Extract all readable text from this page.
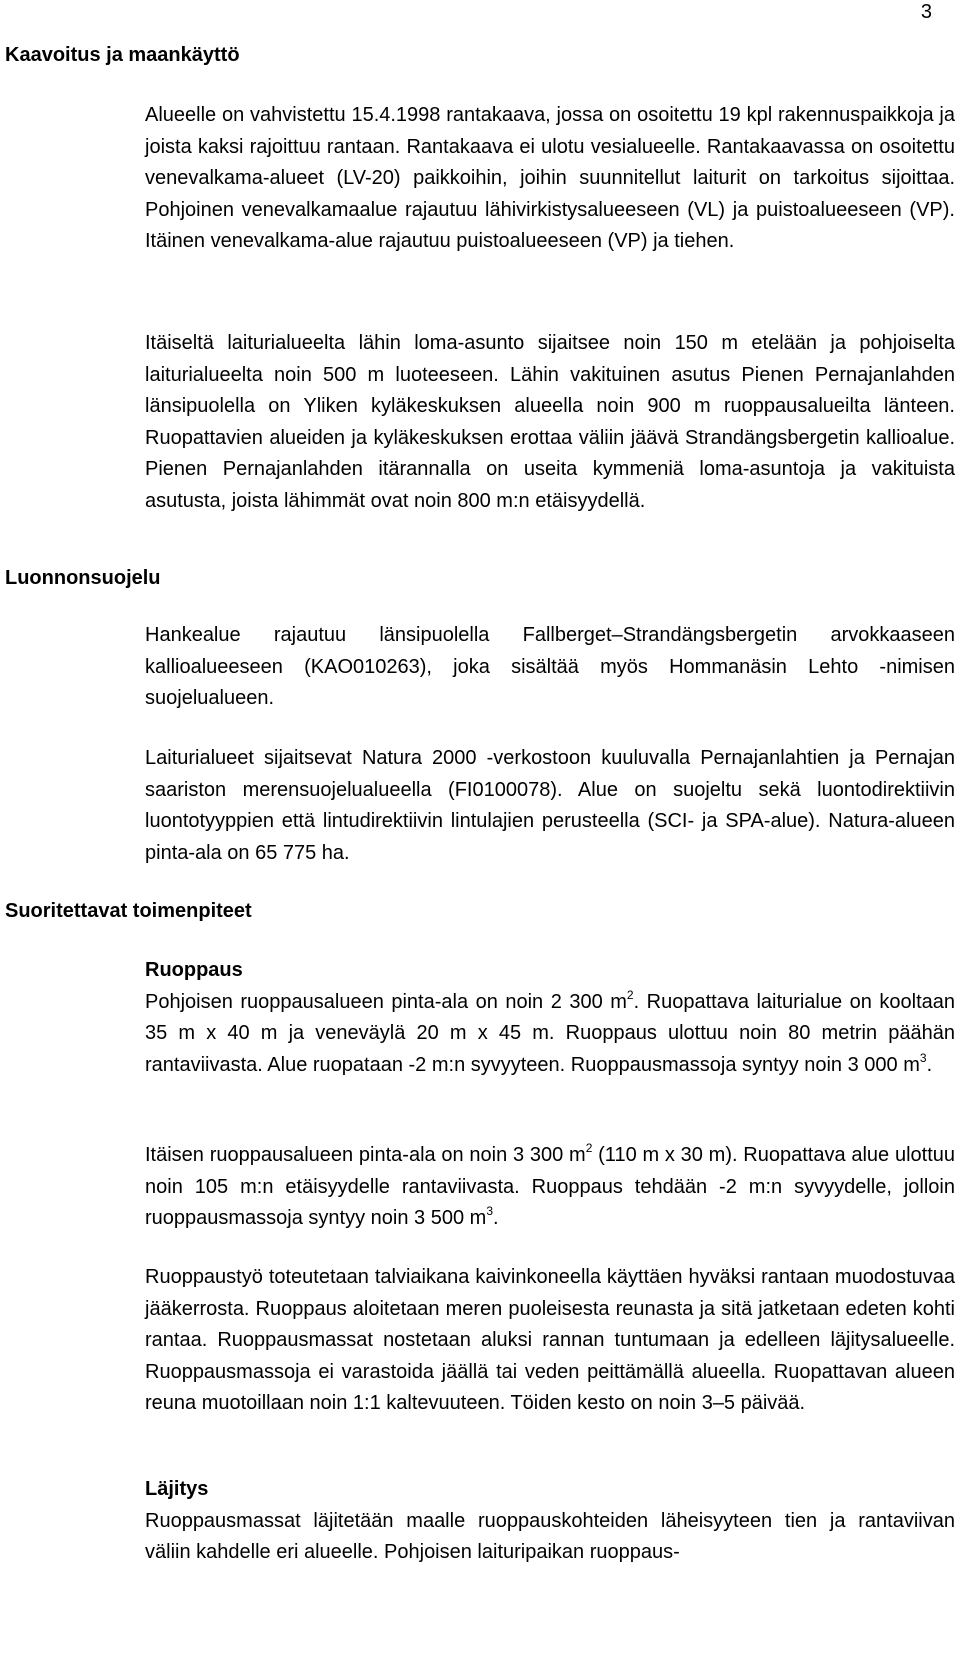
3
Kaavoitus ja maankäyttö
Alueelle on vahvistettu 15.4.1998 rantakaava, jossa on osoitettu 19 kpl rakennuspaikkoja ja joista kaksi rajoittuu rantaan. Rantakaava ei ulotu vesialueelle. Rantakaavassa on osoitettu venevalkama-alueet (LV-20) paikkoihin, joihin suunnitellut laiturit on tarkoitus sijoittaa. Pohjoinen venevalkamaalue rajautuu lähivirkistysalueeseen (VL) ja puistoalueeseen (VP). Itäinen venevalkama-alue rajautuu puistoalueeseen (VP) ja tiehen.
Itäiseltä laiturialueelta lähin loma-asunto sijaitsee noin 150 m etelään ja pohjoiselta laiturialueelta noin 500 m luoteeseen. Lähin vakituinen asutus Pienen Pernajanlahden länsipuolella on Yliken kyläkeskuksen alueella noin 900 m ruoppausalueilta länteen. Ruopattavien alueiden ja kyläkeskuksen erottaa väliin jäävä Strandängsbergetin kallioalue. Pienen Pernajanlahden itärannalla on useita kymmeniä loma-asuntoja ja vakituista asutusta, joista lähimmät ovat noin 800 m:n etäisyydellä.
Luonnonsuojelu
Hankealue rajautuu länsipuolella Fallberget–Strandängsbergetin arvokkaaseen kallioalueeseen (KAO010263), joka sisältää myös Hommanäsin Lehto -nimisen suojelualueen.
Laiturialueet sijaitsevat Natura 2000 -verkostoon kuuluvalla Pernajanlahtien ja Pernajan saariston merensuojelualueella (FI0100078). Alue on suojeltu sekä luontodirektiivin luontotyyppien että lintudirektiivin lintulajien perusteella (SCI- ja SPA-alue). Natura-alueen pinta-ala on 65 775 ha.
Suoritettavat toimenpiteet
Ruoppaus
Pohjoisen ruoppausalueen pinta-ala on noin 2 300 $m^2$. Ruopattava laiturialue on kooltaan 35 m x 40 m ja veneväylä 20 m x 45 m. Ruoppaus ulottuu noin 80 metrin päähän rantaviivasta. Alue ruopataan -2 m:n syvyyteen. Ruoppausmassoja syntyy noin 3 000 $m^3$.
Itäisen ruoppausalueen pinta-ala on noin 3 300 $m^2$ (110 m x 30 m). Ruopattava alue ulottuu noin 105 m:n etäisyydelle rantaviivasta. Ruoppaus tehdään -2 m:n syvyydelle, jolloin ruoppausmassoja syntyy noin 3 500 $m^3$.
Ruoppaustyö toteutetaan talviaikana kaivinkoneella käyttäen hyväksi rantaan muodostuvaa jääkerrosta. Ruoppaus aloitetaan meren puoleisesta reunasta ja sitä jatketaan edeten kohti rantaa. Ruoppausmassat nostetaan aluksi rannan tuntumaan ja edelleen läjitysalueelle. Ruoppausmassoja ei varastoida jäällä tai veden peittämällä alueella. Ruopattavan alueen reuna muotoillaan noin 1:1 kaltevuuteen. Töiden kesto on noin 3–5 päivää.
Läjitys
Ruoppausmassat läjitetään maalle ruoppauskohteiden läheisyyteen tien ja rantaviivan väliin kahdelle eri alueelle. Pohjoisen laituripaikan ruoppaus-
